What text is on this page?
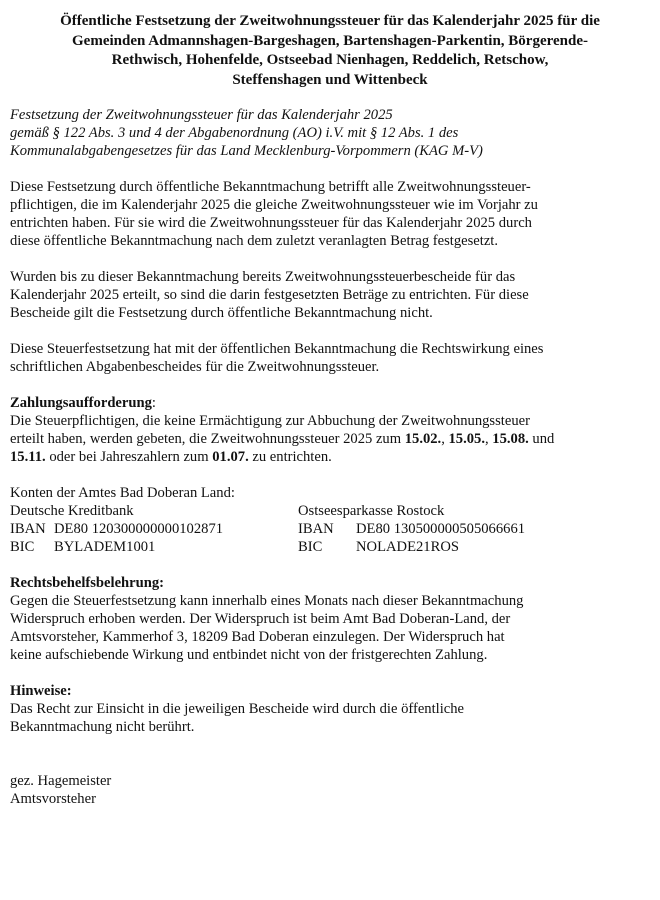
Öffentliche Festsetzung der Zweitwohnungssteuer für das Kalenderjahr 2025 für die
Gemeinden Admannshagen-Bargeshagen, Bartenshagen-Parkentin, Börgerende-
Rethwisch, Hohenfelde, Ostseebad Nienhagen, Reddelich, Retschow,
Steffenshagen und Wittenbeck
Festsetzung der Zweitwohnungssteuer für das Kalenderjahr 2025
gemäß § 122 Abs. 3 und 4 der Abgabenordnung (AO) i.V. mit § 12 Abs. 1 des
Kommunalabgabengesetzes für das Land Mecklenburg-Vorpommern (KAG M-V)

Diese Festsetzung durch öffentliche Bekanntmachung betrifft alle Zweitwohnungssteuer-
pflichtigen, die im Kalenderjahr 2025 die gleiche Zweitwohnungssteuer wie im Vorjahr zu
entrichten haben. Für sie wird die Zweitwohnungssteuer für das Kalenderjahr 2025 durch
diese öffentliche Bekanntmachung nach dem zuletzt veranlagten Betrag festgesetzt.

Wurden bis zu dieser Bekanntmachung bereits Zweitwohnungssteuerbescheide für das
Kalenderjahr 2025 erteilt, so sind die darin festgesetzten Beträge zu entrichten. Für diese
Bescheide gilt die Festsetzung durch öffentliche Bekanntmachung nicht.

Diese Steuerfestsetzung hat mit der öffentlichen Bekanntmachung die Rechtswirkung eines
schriftlichen Abgabenbescheides für die Zweitwohnungssteuer.

Zahlungsaufforderung:
Die Steuerpflichtigen, die keine Ermächtigung zur Abbuchung der Zweitwohnungssteuer
erteilt haben, werden gebeten, die Zweitwohnungssteuer 2025 zum 15.02., 15.05., 15.08. und
15.11. oder bei Jahreszahlern zum 01.07. zu entrichten.

Konten der Amtes Bad Doberan Land:
Deutsche Kreditbank	Ostseesparkasse Rostock
IBAN DE80 120300000000102871	IBAN DE80 130500000505066661
BIC BYLADEM1001	BIC NOLADE21ROS

Rechtsbehelfsbelehrung:
Gegen die Steuerfestsetzung kann innerhalb eines Monats nach dieser Bekanntmachung
Widerspruch erhoben werden. Der Widerspruch ist beim Amt Bad Doberan-Land, der
Amtsvorsteher, Kammerhof 3, 18209 Bad Doberan einzulegen. Der Widerspruch hat
keine aufschiebende Wirkung und entbindet nicht von der fristgerechten Zahlung.

Hinweise:
Das Recht zur Einsicht in die jeweiligen Bescheide wird durch die öffentliche
Bekanntmachung nicht berührt.

gez. Hagemeister
Amtsvorsteher
